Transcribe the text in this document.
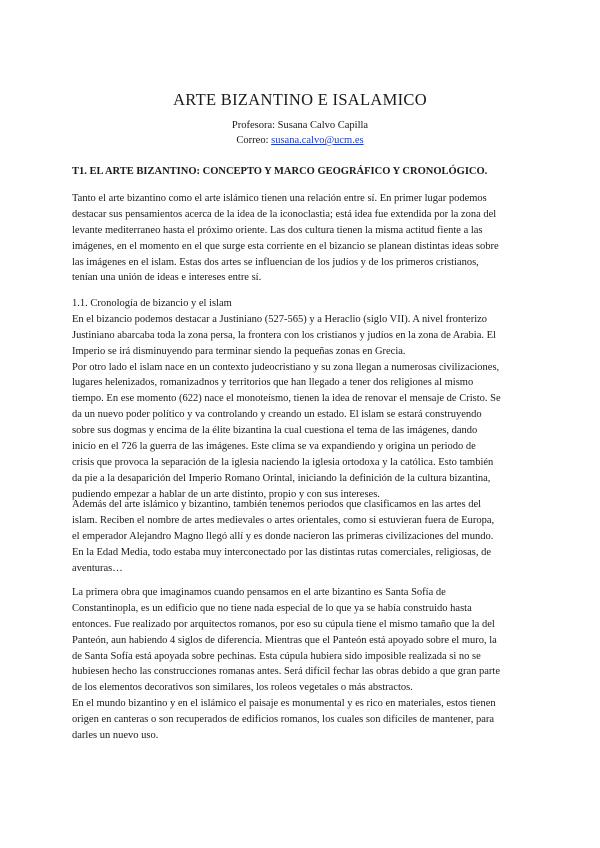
ARTE BIZANTINO E ISALAMICO
Profesora: Susana Calvo Capilla
Correo: susana.calvo@ucm.es
T1. EL ARTE BIZANTINO: CONCEPTO Y MARCO GEOGRÁFICO Y CRONOLÓGICO.
Tanto el arte bizantino como el arte islámico tienen una relación entre sí. En primer lugar podemos
destacar sus pensamientos acerca de la idea de la iconoclastia; está idea fue extendida por la zona del
levante mediterraneo hasta el próximo oriente. Las dos cultura tienen la misma actitud fiente a las
imágenes, en el momento en el que surge esta corriente en el bizancio se planean distintas ideas sobre
las imágenes en el islam. Estas dos artes se influencian de los judíos y de los primeros cristianos,
tenían una unión de ideas e intereses entre sí.
1.1. Cronología de bizancio y el islam
En el bizancio podemos destacar a Justiniano (527-565) y a Heraclio (siglo VII). A nivel fronterizo
Justiniano abarcaba toda la zona persa, la frontera con los cristianos y judíos en la zona de Arabia. El
Imperio se irá disminuyendo para terminar siendo la pequeñas zonas en Grecia.
Por otro lado el islam nace en un contexto judeocristiano y su zona llegan a numerosas civilizaciones,
lugares helenizados, romanizadnos y territorios que han llegado a tener dos religiones al mismo
tiempo. En ese momento (622) nace el monoteísmo, tienen la idea de renovar el mensaje de Cristo. Se
da un nuevo poder político y va controlando y creando un estado. El islam se estará construyendo
sobre sus dogmas y encima de la élite bizantina la cual cuestiona el tema de las imágenes, dando
inicio en el 726 la guerra de las imágenes. Este clima se va expandiendo y origina un periodo de
crisis que provoca la separación de la iglesia naciendo la iglesia ortodoxa y la católica. Esto también
da pie a la desaparición del Imperio Romano Orintal, iniciando la definición de la cultura bizantina,
pudiendo empezar a hablar de un arte distinto, propio y con sus intereses.
Además del arte islámico y bizantino, también tenemos periodos que clasificamos en las artes del
islam. Reciben el nombre de artes medievales o artes orientales, como si estuvieran fuera de Europa,
el emperador Alejandro Magno llegó allí y es donde nacieron las primeras civilizaciones del mundo.
En la Edad Media, todo estaba muy interconectado por las distintas rutas comerciales, religiosas, de
aventuras…
La primera obra que imaginamos cuando pensamos en el arte bizantino es Santa Sofía de
Constantinopla, es un edificio que no tiene nada especial de lo que ya se había construido hasta
entonces. Fue realizado por arquitectos romanos, por eso su cúpula tiene el mismo tamaño que la del
Panteón, aun habiendo 4 siglos de diferencia. Mientras que el Panteón está apoyado sobre el muro, la
de Santa Sofía está apoyada sobre pechinas. Esta cúpula hubiera sido imposible realizada si no se
hubiesen hecho las construcciones romanas antes. Será difícil fechar las obras debido a que gran parte
de los elementos decorativos son similares, los roleos vegetales o más abstractos.
En el mundo bizantino y en el islámico el paisaje es monumental y es rico en materiales, estos tienen
origen en canteras o son recuperados de edificios romanos, los cuales son difíciles de mantener, para
darles un nuevo uso.
